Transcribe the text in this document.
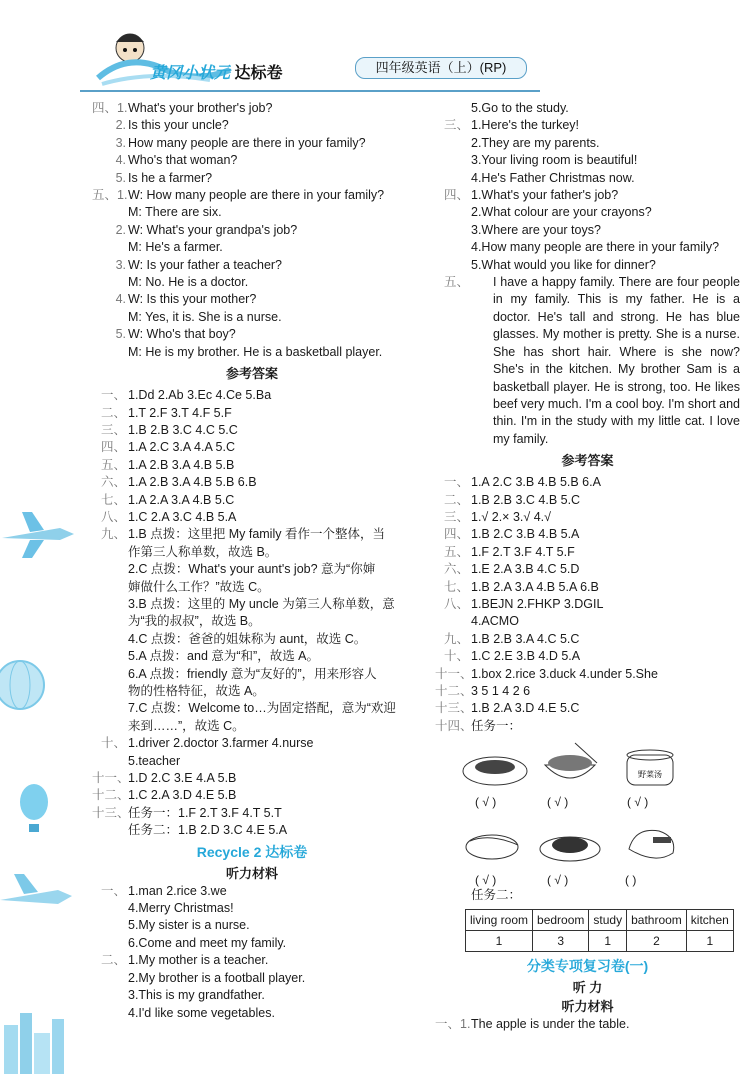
黄冈小状元 达标卷	四年级英语（上）(RP)
四、1. What's your brother's job?
2. Is this your uncle?
3. How many people are there in your family?
4. Who's that woman?
5. Is he a farmer?
五、1. W: How many people are there in your family?
M: There are six.
2. W: What's your grandpa's job?
M: He's a farmer.
3. W: Is your father a teacher?
M: No. He is a doctor.
4. W: Is this your mother?
M: Yes, it is. She is a nurse.
5. W: Who's that boy?
M: He is my brother. He is a basketball player.
参考答案
一、 1.Dd 2.Ab 3.Ec 4.Ce 5.Ba
二、 1.T 2.F 3.T 4.F 5.F
三、 1.B 2.B 3.C 4.C 5.C
四、 1.A 2.C 3.A 4.A 5.C
五、 1.A 2.B 3.A 4.B 5.B
六、 1.A 2.B 3.A 4.B 5.B 6.B
七、 1.A 2.A 3.A 4.B 5.C
八、 1.C 2.A 3.C 4.B 5.A
九、 1.B 点拨：这里把 My family 看作一个整体，当
作第三人称单数，故选 B。
2.C 点拨：What's your aunt's job? 意为“你婶
婶做什么工作？”故选 C。
3.B 点拨：这里的 My uncle 为第三人称单数，意
为“我的叔叔”，故选 B。
4.C 点拨：爸爸的姐妹称为 aunt，故选 C。
5.A 点拨：and 意为“和”，故选 A。
6.A 点拨：friendly 意为“友好的”，用来形容人
物的性格特征，故选 A。
7.C 点拨：Welcome to…为固定搭配，意为“欢迎
来到……”，故选 C。
十、 1.driver 2.doctor 3.farmer 4.nurse
5.teacher
十一、
1.D 2.C 3.E 4.A 5.B
十二、
1.C 2.A 3.D 4.E 5.B
十三、
任务一：1.F 2.T 3.F 4.T 5.T
任务二：1.B 2.D 3.C 4.E 5.A
Recycle 2 达标卷
听力材料
一、 1.man 2.rice 3.we
4.Merry Christmas!
5.My sister is a nurse.
6.Come and meet my family.
二、 1.My mother is a teacher.
2.My brother is a football player.
3.This is my grandfather.
4.I'd like some vegetables.
5.Go to the study.
三、 1.Here's the turkey!
2.They are my parents.
3.Your living room is beautiful!
4.He's Father Christmas now.
四、 1.What's your father's job?
2.What colour are your crayons?
3.Where are your toys?
4.How many people are there in your family?
5.What would you like for dinner?
五、	I have a happy family. There are four people in my family. This is my father. He is a doctor. He's tall and strong. He has blue glasses. My mother is pretty. She is a nurse. She has short hair. Where is she now? She's in the kitchen. My brother Sam is a basketball player. He is strong, too. He likes beef very much. I'm a cool boy. I'm short and thin. I'm in the study with my little cat. I love my family.
参考答案
一、 1.A 2.C 3.B 4.B 5.B 6.A
二、 1.B 2.B 3.C 4.B 5.C
三、 1.√ 2.× 3.√ 4.√
四、 1.B 2.C 3.B 4.B 5.A
五、 1.F 2.T 3.F 4.T 5.F
六、 1.E 2.A 3.B 4.C 5.D
七、 1.B 2.A 3.A 4.B 5.A 6.B
八、 1.BEJN 2.FHKP 3.DGIL
4.ACMO
九、 1.B 2.B 3.A 4.C 5.C
十、 1.C 2.E 3.B 4.D 5.A
十一、
1.box 2.rice 3.duck 4.under 5.She
十二、
3 5 1 4 2 6
十三、
1.B 2.A 3.D 4.E 5.C
十四、
任务一：
野菜汤
( √ )	( √ )	( √ )
( √ )	( √ )	( )
任务二：
living room	bedroom	study	bathroom	kitchen
1	3	1	2	1
分类专项复习卷(一)
听 力
听力材料
一、1. The apple is under the table.
